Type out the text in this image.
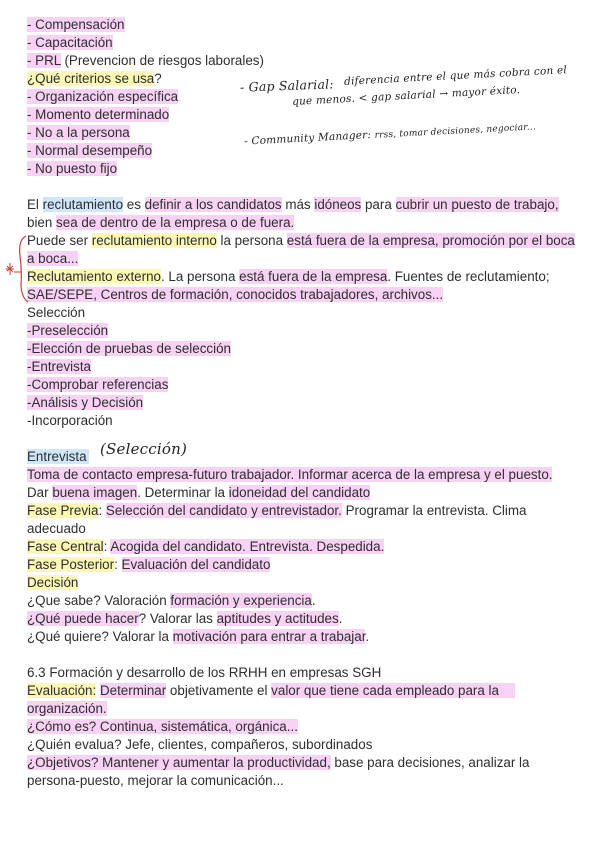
- Compensación
- Capacitación
- PRL (Prevencion de riesgos laborales)
¿Qué criterios se usa?
- Organización específica
- Momento determinado
- No a la persona
- Normal desempeño
- No puesto fijo
- Gap Salarial: diferencia entre el que más cobra con el
que menos. < gap salarial → mayor éxito.
- Community Manager: rrss, tomar decisiones, negociar...
El reclutamiento es definir a los candidatos más idóneos para cubrir un puesto de trabajo,
bien sea de dentro de la empresa o de fuera.
Puede ser reclutamiento interno la persona está fuera de la empresa, promoción por el boca
a boca...
Reclutamiento externo. La persona está fuera de la empresa. Fuentes de reclutamiento;
SAE/SEPE, Centros de formación, conocidos trabajadores, archivos...
Selección
-Preselección
-Elección de pruebas de selección
-Entrevista
-Comprobar referencias
-Análisis y Decisión
-Incorporación
Entrevista (Selección)
Toma de contacto empresa-futuro trabajador. Informar acerca de la empresa y el puesto.
Dar buena imagen. Determinar la idoneidad del candidato
Fase Previa: Selección del candidato y entrevistador. Programar la entrevista. Clima
adecuado
Fase Central: Acogida del candidato. Entrevista. Despedida.
Fase Posterior: Evaluación del candidato
Decisión
¿Que sabe? Valoración formación y experiencia.
¿Qué puede hacer? Valorar las aptitudes y actitudes.
¿Qué quiere? Valorar la motivación para entrar a trabajar.
6.3 Formación y desarrollo de los RRHH en empresas SGH
Evaluación: Determinar objetivamente el valor que tiene cada empleado para la
organización.
¿Cómo es? Continua, sistemática, orgánica...
¿Quién evalua? Jefe, clientes, compañeros, subordinados
¿Objetivos? Mantener y aumentar la productividad, base para decisiones, analizar la
persona-puesto, mejorar la comunicación...
